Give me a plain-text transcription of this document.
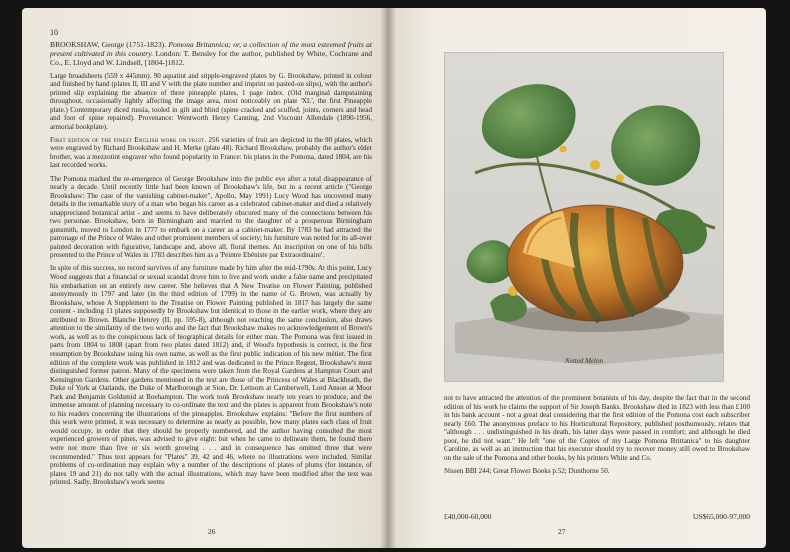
10

BROOKSHAW, George (1751-1823). Pomona Britannica; or, a collection of the most esteemed fruits at present cultivated in this country. London: T. Bensley for the author, published by White, Cochrane and Co., E. Lloyd and W. Lindsell, [1804-]1812.

Large broadsheets (559 x 445mm). 90 aquatint and stipple-engraved plates by G. Brookshaw, printed in colour and finished by hand (plates II, III and V with the plate number and imprint on pasted-on slips), with the author's printed slip explaining the absence of three pineapple plates, 1 page index. (Old marginal dampstaining throughout, occasionally lightly affecting the image area, most noticeably on plate 'XL', the first Pineapple plate.) Contemporary diced russia, tooled in gilt and blind (spine cracked and scuffed, joints, corners and head and foot of spine repaired). Provenance: Wentworth Henry Canning, 2nd Viscount Allendale (1890-1956, armorial bookplate).

First edition of the finest English work on fruit. 256 varieties of fruit are depicted in the 90 plates, which were engraved by Richard Brookshaw and H. Merke (plate 48). Richard Brookshaw, probably the author's elder brother, was a mezzotint engraver who found popularity in France: his plates in the Pomona, dated 1804, are his last recorded works.

The Pomona marked the re-emergence of George Brookshaw into the public eye after a total disappearance of nearly a decade. Until recently little had been known of Brookshaw's life, but in a recent article ("George Brookshaw: The case of the vanishing cabinet-maker", Apollo, May 1991) Lucy Wood has uncovered many details in the remarkable story of a man who began his career as a celebrated cabinet-maker and died a relatively unappreciated botanical artist - and seems to have deliberately obscured many of the connections between his two personae. Brookshaw, born in Birmingham and married to the daughter of a prosperous Birmingham gunsmith, moved to London in 1777 to embark on a career as a cabinet-maker. By 1783 he had attracted the patronage of the Prince of Wales and other prominent members of society; his furniture was noted for its all-over painted decoration with figurative, landscape and, above all, floral themes. An inscription on one of his bills presented to the Prince of Wales in 1783 describes him as a 'Peintre Ebéniste par Extraordinaire'.

In spite of this success, no record survives of any furniture made by him after the mid-1790s. At this point, Lucy Wood suggests that a financial or sexual scandal drove him to live and work under a false name and precipitated his embarkation on an entirely new career. She believes that A New Treatise on Flower Painting, published anonymously in 1797 and later (in the third edition of 1799) in the name of G. Brown, was actually by Brookshaw, whose A Supplement to the Treatise on Flower Painting published in 1817 has largely the same content - including 11 plates supposedly by Brookshaw but identical to those in the earlier work, where they are attributed to Brown. Blanche Henrey (II, pp. 595-8), although not reaching the same conclusion, also draws attention to the similarity of the two works and the fact that Brookshaw makes no acknowledgement of Brown's work, as well as to the conspicuous lack of biographical details for either man. The Pomona was first issued in parts from 1804 to 1808 (apart from two plates dated 1812) and, if Wood's hypothesis is correct, is the first resumption by Brookshaw using his own name, as well as the first public indication of his new métier. The first edition of the complete work was published in 1812 and was dedicated to the Prince Regent, Brookshaw's most distinguished former patron. Many of the specimens were taken from the Royal Gardens at Hampton Court and Kensington Gardens. Other gardens mentioned in the text are those of the Princess of Wales at Blackheath, the Duke of York at Oatlands, the Duke of Marlborough at Sion, Dr. Lettsom at Camberwell, Lord Anson at Moor Park and Benjamin Goldsmid at Roehampton. The work took Brookshaw nearly ten years to produce, and the immense amount of planning necessary to co-ordinate the text and the plates is apparent from Brookshaw's note to his readers concerning the illustrations of the pineapples. Brookshaw explains: "Before the first numbers of this work were printed, it was necessary to determine as nearly as possible, how many plates each class of fruit would occupy, in order that they should be properly numbered, and the author having consulted the most experienced growers of pines, was advised to give eight: but when he came to delineate them, he found there were not more than five or six worth growing . . . and in consequence has omitted three that were recommended." Thus text appears for "Plates" 39, 42 and 46, where no illustrations were included. Similar problems of co-ordination may explain why a number of the descriptions of plates of plums (for instance, of plates 19 and 21) do not tally with the actual illustrations, which may have been modified after the text was printed. Sadly, Brookshaw's work seems

26
Netted Melon

not to have attracted the attention of the prominent botanists of his day, despite the fact that in the second edition of his work he claims the support of Sir Joseph Banks. Brookshaw died in 1823 with less than £100 in his bank account - not a great deal considering that the first edition of the Pomona cost each subscriber nearly £60. The anonymous preface to his Horticultural Repository, published posthumously, relates that "although . . . undistinguished in his death, his latter days were passed in comfort; and although he died poor, he did not want." He left "one of the Copies of my Large Pomona Brittanica" to his daughter Caroline, as well as an instruction that his executor should try to recover money still owed to Brookshaw on the sale of the Pomona and other books, by his printers White and Co.

Nissen BBI 244; Great Flower Books p.52; Dunthorne 50.

£40,000-60,000	US$65,000-97,000
27
